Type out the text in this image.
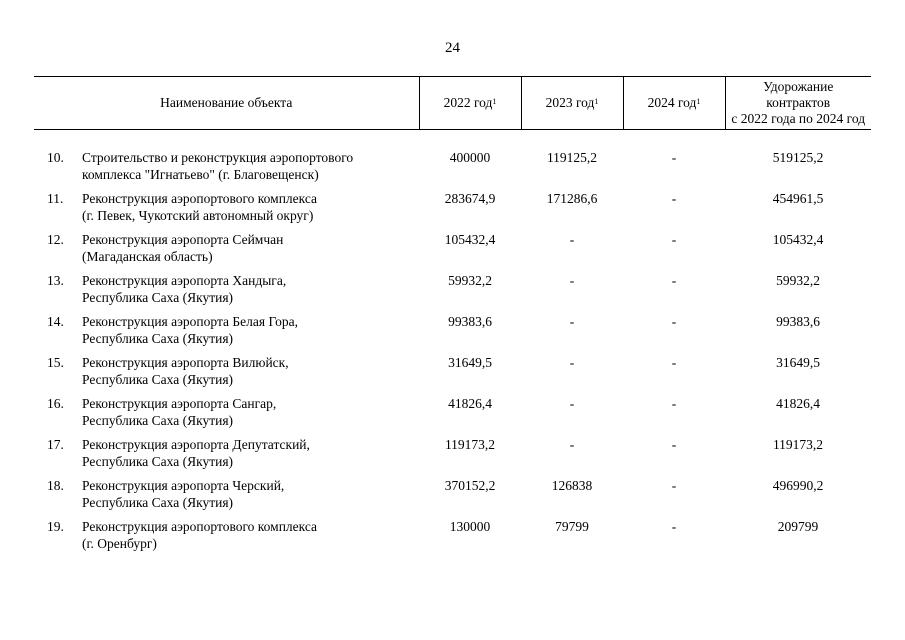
24
Наименование объекта		2022 год$^1$	2023 год$^1$	2024 год$^1$	Удорожание
контрактов
с 2022 года по 2024 год

10.	Строительство и реконструкция аэропортового
комплекса "Игнатьево" (г. Благовещенск)	400000	119125,2	-	519125,2
11.	Реконструкция аэропортового комплекса
(г. Певек, Чукотский автономный округ)	283674,9	171286,6	-	454961,5
12.	Реконструкция аэропорта Сеймчан
(Магаданская область)	105432,4	-	-	105432,4
13.	Реконструкция аэропорта Хандыга,
Республика Саха (Якутия)	59932,2	-	-	59932,2
14.	Реконструкция аэропорта Белая Гора,
Республика Саха (Якутия)	99383,6	-	-	99383,6
15.	Реконструкция аэропорта Вилюйск,
Республика Саха (Якутия)	31649,5	-	-	31649,5
16.	Реконструкция аэропорта Сангар,
Республика Саха (Якутия)	41826,4	-	-	41826,4
17.	Реконструкция аэропорта Депутатский,
Республика Саха (Якутия)	119173,2	-	-	119173,2
18.	Реконструкция аэропорта Черский,
Республика Саха (Якутия)	370152,2	126838	-	496990,2
19.	Реконструкция аэропортового комплекса
(г. Оренбург)	130000	79799	-	209799
